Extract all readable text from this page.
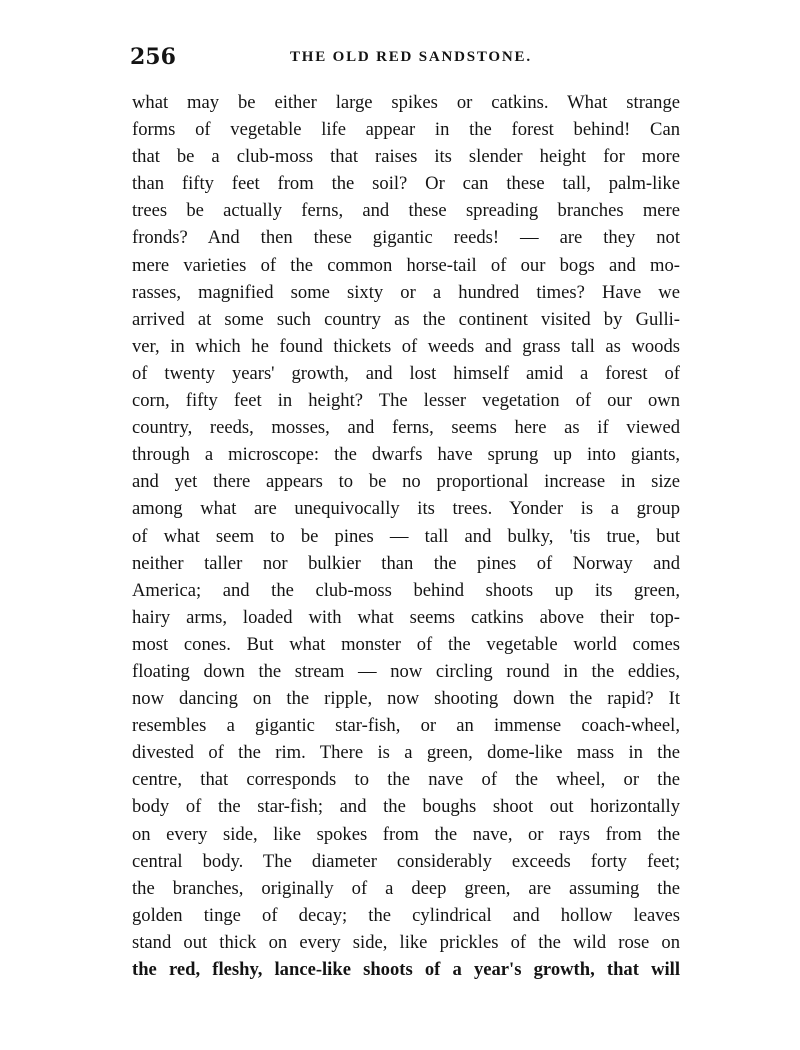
256	THE OLD RED SANDSTONE.
what may be either large spikes or catkins. What strange
forms of vegetable life appear in the forest behind! Can
that be a club-moss that raises its slender height for more
than fifty feet from the soil? Or can these tall, palm-like
trees be actually ferns, and these spreading branches mere
fronds? And then these gigantic reeds! — are they not
mere varieties of the common horse-tail of our bogs and mo-
rasses, magnified some sixty or a hundred times? Have we
arrived at some such country as the continent visited by Gulli-
ver, in which he found thickets of weeds and grass tall as woods
of twenty years' growth, and lost himself amid a forest of
corn, fifty feet in height? The lesser vegetation of our own
country, reeds, mosses, and ferns, seems here as if viewed
through a microscope: the dwarfs have sprung up into giants,
and yet there appears to be no proportional increase in size
among what are unequivocally its trees. Yonder is a group
of what seem to be pines — tall and bulky, 'tis true, but
neither taller nor bulkier than the pines of Norway and
America; and the club-moss behind shoots up its green,
hairy arms, loaded with what seems catkins above their top-
most cones. But what monster of the vegetable world comes
floating down the stream — now circling round in the eddies,
now dancing on the ripple, now shooting down the rapid? It
resembles a gigantic star-fish, or an immense coach-wheel,
divested of the rim. There is a green, dome-like mass in the
centre, that corresponds to the nave of the wheel, or the
body of the star-fish; and the boughs shoot out horizontally
on every side, like spokes from the nave, or rays from the
central body. The diameter considerably exceeds forty feet;
the branches, originally of a deep green, are assuming the
golden tinge of decay; the cylindrical and hollow leaves
stand out thick on every side, like prickles of the wild rose on
the red, fleshy, lance-like shoots of a year's growth, that will
